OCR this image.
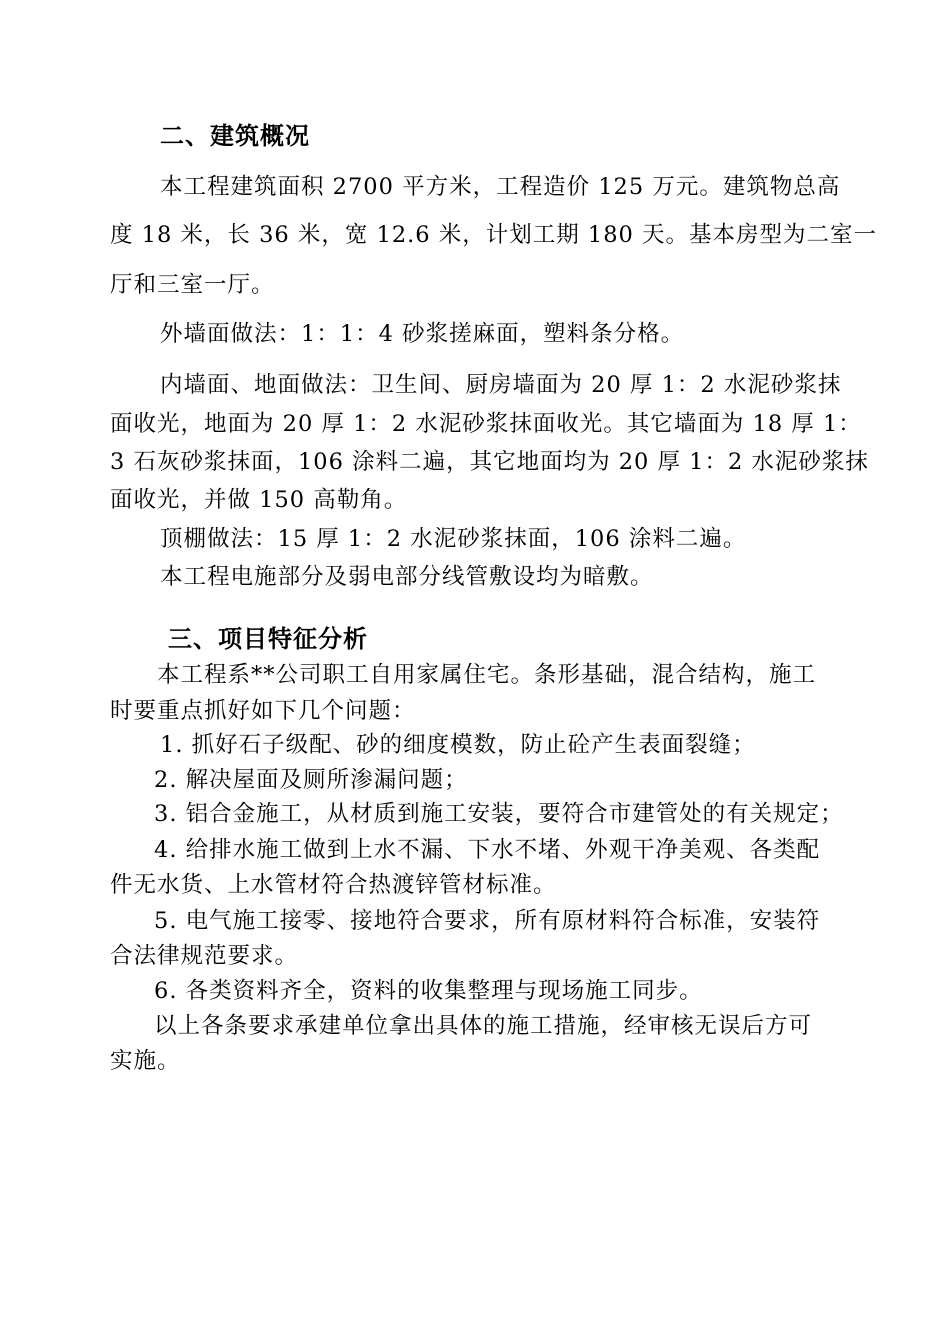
二、建筑概况
本工程建筑面积 2700 平方米，工程造价 125 万元。建筑物总高
度 18 米，长 36 米，宽 12.6 米，计划工期 180 天。基本房型为二室一
厅和三室一厅。
外墙面做法：1：1：4 砂浆搓麻面，塑料条分格。
内墙面、地面做法：卫生间、厨房墙面为 20 厚 1：2 水泥砂浆抹
面收光，地面为 20 厚 1：2 水泥砂浆抹面收光。其它墙面为 18 厚 1：
3 石灰砂浆抹面，106 涂料二遍，其它地面均为 20 厚 1：2 水泥砂浆抹
面收光，并做 150 高勒角。
顶棚做法：15 厚 1：2 水泥砂浆抹面，106 涂料二遍。
本工程电施部分及弱电部分线管敷设均为暗敷。
三、项目特征分析
本工程系**公司职工自用家属住宅。条形基础，混合结构，施工
时要重点抓好如下几个问题：
1. 抓好石子级配、砂的细度模数，防止砼产生表面裂缝；
2. 解决屋面及厕所渗漏问题；
3. 铝合金施工，从材质到施工安装，要符合市建管处的有关规定；
4. 给排水施工做到上水不漏、下水不堵、外观干净美观、各类配
件无水货、上水管材符合热渡锌管材标准。
5. 电气施工接零、接地符合要求，所有原材料符合标准，安装符
合法律规范要求。
6. 各类资料齐全，资料的收集整理与现场施工同步。
以上各条要求承建单位拿出具体的施工措施，经审核无误后方可
实施。
